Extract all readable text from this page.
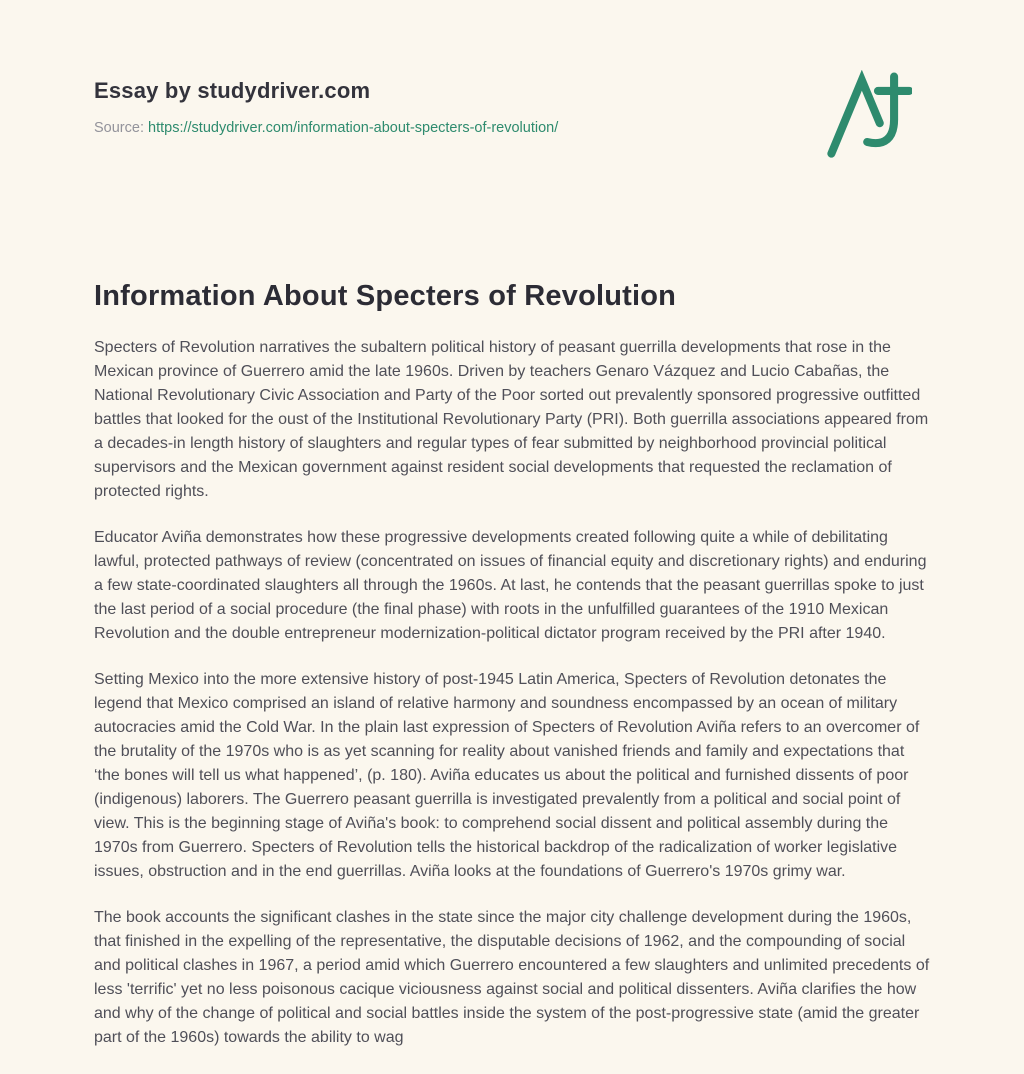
Essay by studydriver.com
Source: https://studydriver.com/information-about-specters-of-revolution/
Information About Specters of Revolution

Specters of Revolution narratives the subaltern political history of peasant guerrilla developments that rose in the Mexican province of Guerrero amid the late 1960s. Driven by teachers Genaro Vázquez and Lucio Cabañas, the National Revolutionary Civic Association and Party of the Poor sorted out prevalently sponsored progressive outfitted battles that looked for the oust of the Institutional Revolutionary Party (PRI). Both guerrilla associations appeared from a decades-in length history of slaughters and regular types of fear submitted by neighborhood provincial political supervisors and the Mexican government against resident social developments that requested the reclamation of protected rights.

Educator Aviña demonstrates how these progressive developments created following quite a while of debilitating lawful, protected pathways of review (concentrated on issues of financial equity and discretionary rights) and enduring a few state-coordinated slaughters all through the 1960s. At last, he contends that the peasant guerrillas spoke to just the last period of a social procedure (the final phase) with roots in the unfulfilled guarantees of the 1910 Mexican Revolution and the double entrepreneur modernization-political dictator program received by the PRI after 1940.

Setting Mexico into the more extensive history of post-1945 Latin America, Specters of Revolution detonates the legend that Mexico comprised an island of relative harmony and soundness encompassed by an ocean of military autocracies amid the Cold War. In the plain last expression of Specters of Revolution Aviña refers to an overcomer of the brutality of the 1970s who is as yet scanning for reality about vanished friends and family and expectations that ‘the bones will tell us what happened’, (p. 180). Aviña educates us about the political and furnished dissents of poor (indigenous) laborers. The Guerrero peasant guerrilla is investigated prevalently from a political and social point of view. This is the beginning stage of Aviña's book: to comprehend social dissent and political assembly during the 1970s from Guerrero. Specters of Revolution tells the historical backdrop of the radicalization of worker legislative issues, obstruction and in the end guerrillas. Aviña looks at the foundations of Guerrero's 1970s grimy war.

The book accounts the significant clashes in the state since the major city challenge development during the 1960s, that finished in the expelling of the representative, the disputable decisions of 1962, and the compounding of social and political clashes in 1967, a period amid which Guerrero encountered a few slaughters and unlimited precedents of less 'terrific' yet no less poisonous cacique viciousness against social and political dissenters. Aviña clarifies the how and why of the change of political and social battles inside the system of the post-progressive state (amid the greater part of the 1960s) towards the ability to wag
